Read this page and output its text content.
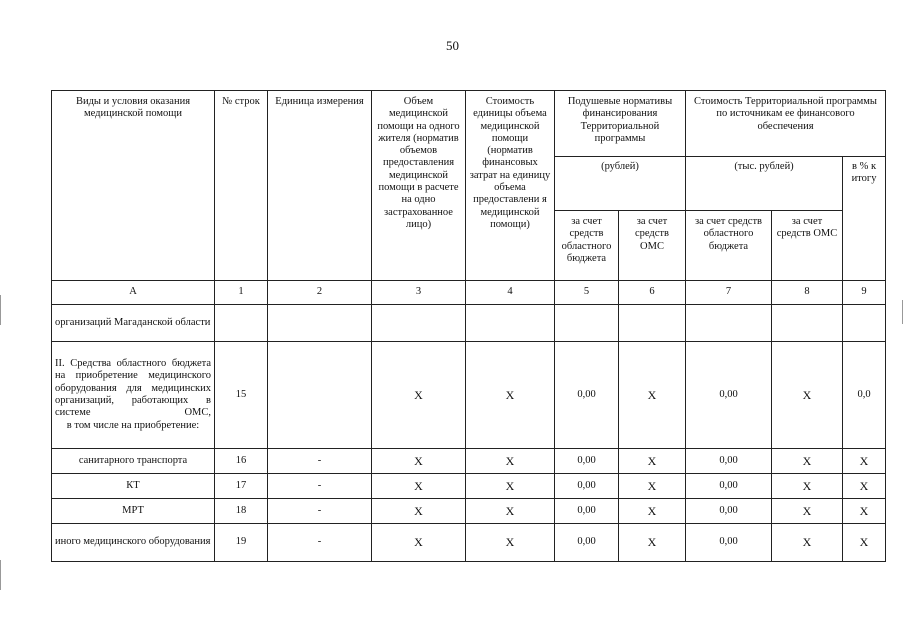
50
Виды и условия оказания медицинской помощи	№ строк	Единица измерения	Объем медицинской помощи на одного жителя (норматив объемов предоставления медицинской помощи в расчете на одно застрахованное лицо)	Стоимость единицы объема медицинской помощи (норматив финансовых затрат на единицу объема предоставлени я медицинской помощи)	Подушевые нормативы финансирования Территориальной программы		Стоимость Территориальной программы по источникам ее финансового обеспечения		
					(рублей)		(тыс. рублей)		в % к итогу
					за счет средств областного бюджета	за счет средств ОМС	за счет средств областного бюджета	за счет средств ОМС	
А	1	2	3	4	5	6	7	8	9
организаций Магаданской области									

II. Средства областного бюджета на приобретение медицинского оборудования для медицинских организаций, работающих в системе ОМС,
в том числе на приобретение:	15		Х	Х	0,00	Х	0,00	Х	0,0
санитарного транспорта	16	-	Х	Х	0,00	Х	0,00	Х	Х
КТ	17	-	Х	Х	0,00	Х	0,00	Х	Х
МРТ	18	-	Х	Х	0,00	Х	0,00	Х	Х
иного медицинского оборудования	19	-	Х	Х	0,00	Х	0,00	Х	Х
